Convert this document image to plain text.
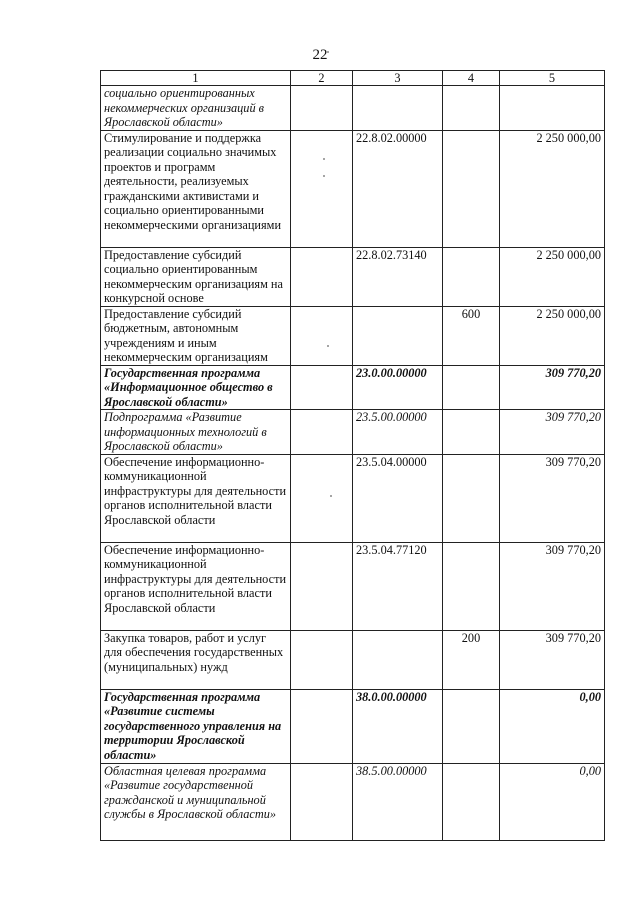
22
1	2	3	4	5
социально ориентированных некоммерческих организаций в Ярославской области»				
Стимулирование и поддержка реализации социально значимых проектов и программ деятельности, реализуемых гражданскими активистами и социально ориентированными некоммерческими организациями		22.8.02.00000		2 250 000,00
Предоставление субсидий социально ориентированным некоммерческим организациям на конкурсной основе		22.8.02.73140		2 250 000,00
Предоставление субсидий бюджетным, автономным учреждениям и иным некоммерческим организациям			600	2 250 000,00
Государственная программа «Информационное общество в Ярославской области»		23.0.00.00000		309 770,20
Подпрограмма «Развитие информационных технологий в Ярославской области»		23.5.00.00000		309 770,20
Обеспечение информационно-коммуникационной инфраструктуры для деятельности органов исполнительной власти Ярославской области		23.5.04.00000		309 770,20
Обеспечение информационно-коммуникационной инфраструктуры для деятельности органов исполнительной власти Ярославской области		23.5.04.77120		309 770,20
Закупка товаров, работ и услуг для обеспечения государственных (муниципальных) нужд			200	309 770,20
Государственная программа «Развитие системы государственного управления на территории Ярославской области»		38.0.00.00000		0,00
Областная целевая программа «Развитие государственной гражданской и муниципальной службы в Ярославской области»		38.5.00.00000		0,00
